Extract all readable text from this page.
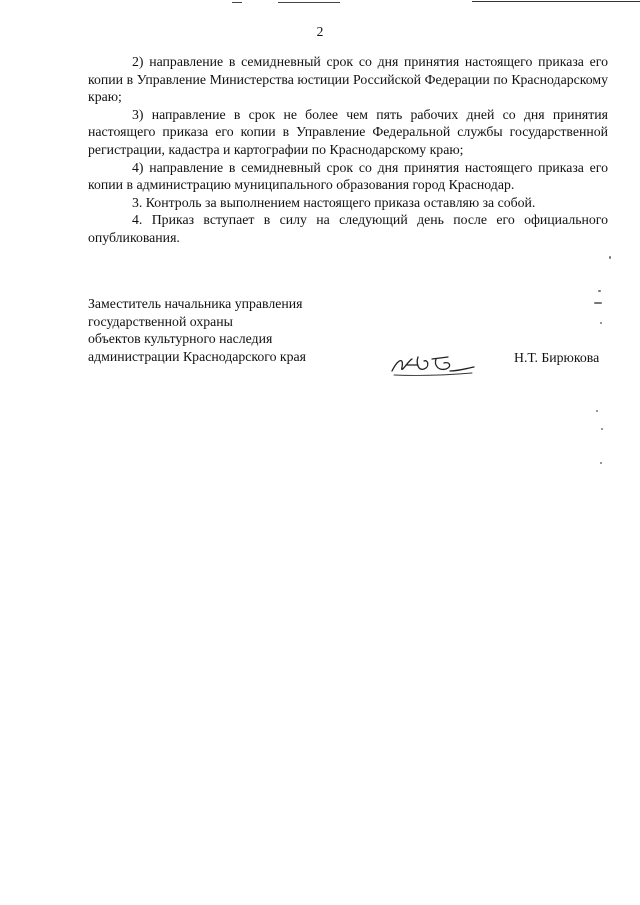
2

2) направление в семидневный срок со дня принятия настоящего приказа его копии в Управление Министерства юстиции Российской Федерации по Краснодарскому краю;

3) направление в срок не более чем пять рабочих дней со дня принятия настоящего приказа его копии в Управление Федеральной службы государственной регистрации, кадастра и картографии по Краснодарскому краю;

4) направление в семидневный срок со дня принятия настоящего приказа его копии в администрацию муниципального образования город Краснодар.

3. Контроль за выполнением настоящего приказа оставляю за собой.

4. Приказ вступает в силу на следующий день после его официального опубликования.

Заместитель начальника управления
государственной охраны
объектов культурного наследия
администрации Краснодарского края	Н.Т. Бирюкова
